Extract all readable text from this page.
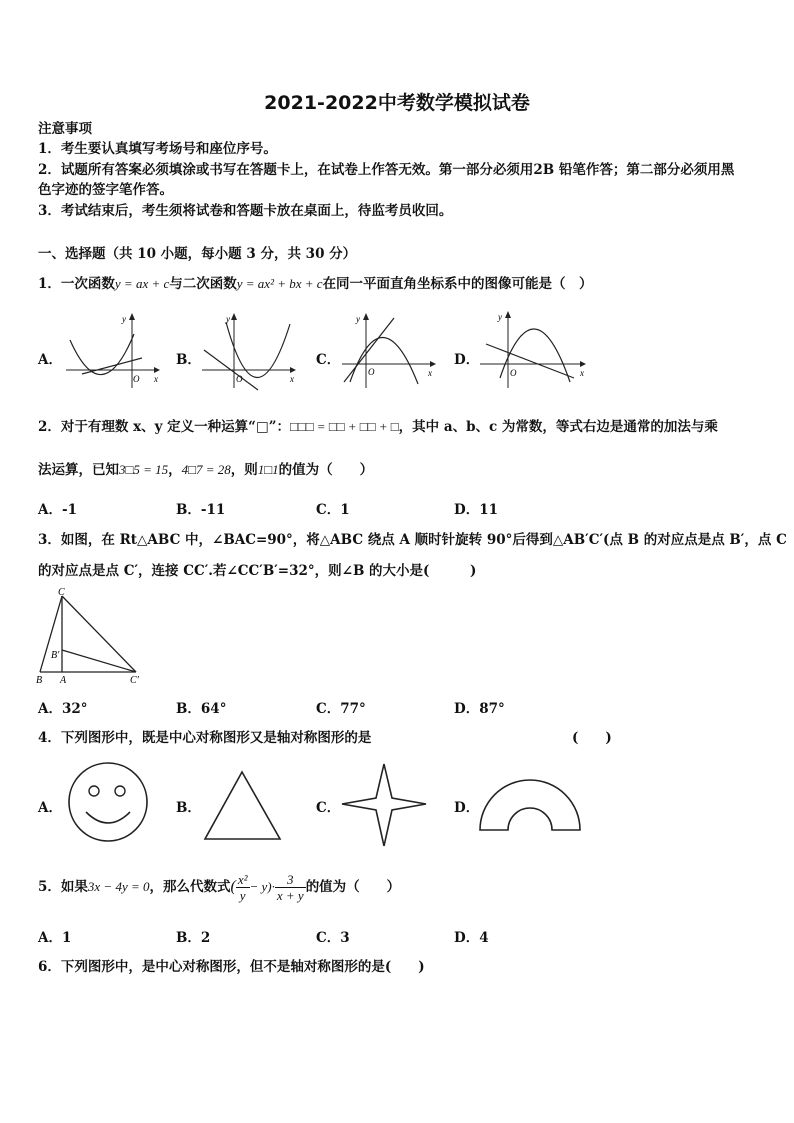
2021-2022中考数学模拟试卷
注意事项
1．考生要认真填写考场号和座位序号。
2．试题所有答案必须填涂或书写在答题卡上，在试卷上作答无效。第一部分必须用2B 铅笔作答；第二部分必须用黑
色字迹的签字笔作答。
3．考试结束后，考生须将试卷和答题卡放在桌面上，待监考员收回。
一、选择题（共 10 小题，每小题 3 分，共 30 分）
1．一次函数y = ax + c与二次函数y = ax² + bx + c在同一平面直角坐标系中的图像可能是（　）
A．	B．	C．	D．
y
x
O
y
x
O
y
x
O
y
x
O
2．对于有理数 x、y 定义一种运算“□”：□□□ = □□ + □□ + □，其中 a、b、c 为常数，等式右边是通常的加法与乘
法运算，已知3□5 = 15，4□7 = 28，则1□1的值为（　　）
A．-1	B．-11	C．1	D．11
3．如图，在 Rt△ABC 中，∠BAC=90°，将△ABC 绕点 A 顺时针旋转 90°后得到△AB′C′(点 B 的对应点是点 B′，点 C
的对应点是点 C′，连接 CC′.若∠CC′B′=32°，则∠B 的大小是(　　　)
C
B′
B A	C′
A．32°	B．64°	C．77°	D．87°
4．下列图形中，既是中心对称图形又是轴对称图形的是	(　　)
A．	B．	C．	D．
5．如果3x − 4y = 0，那么代数式( $\frac{\text{x²}}{y} - y)\cdot \frac{3}{x + y}$ 的值为（　　）
A．1	B．2	C．3	D．4
6．下列图形中，是中心对称图形，但不是轴对称图形的是(　　)
